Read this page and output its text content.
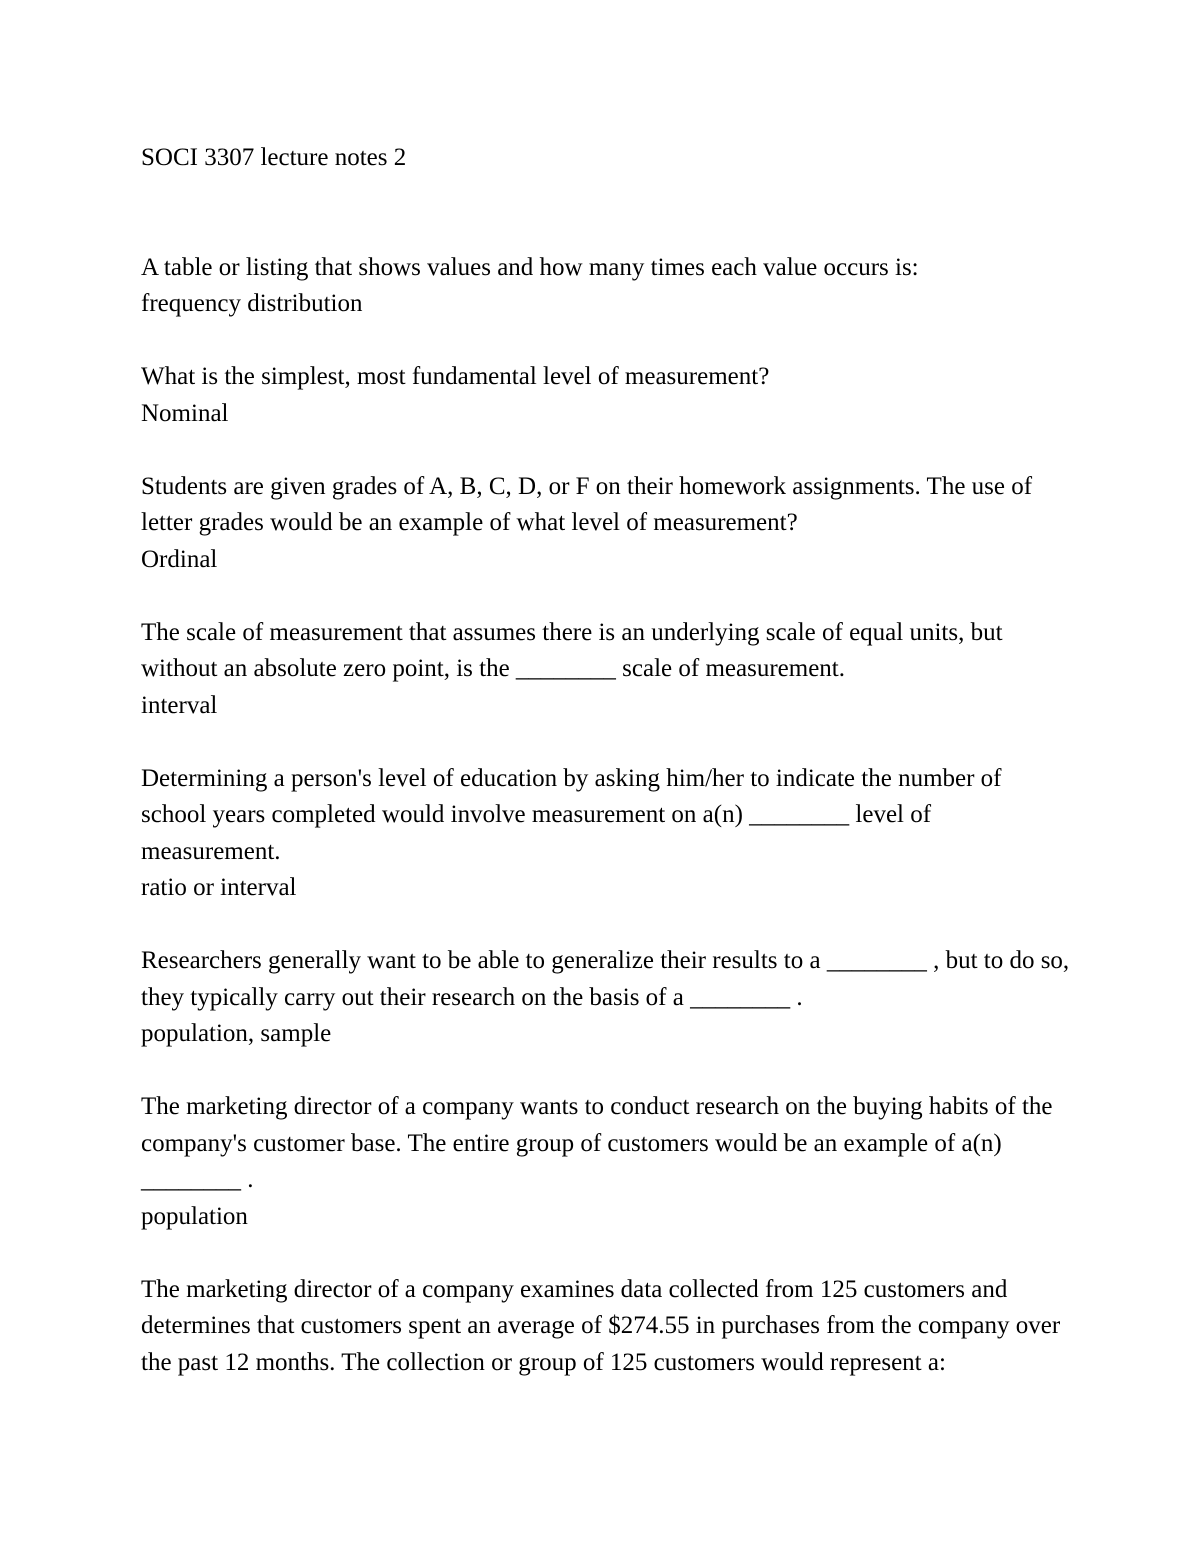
SOCI 3307 lecture notes 2

A table or listing that shows values and how many times each value occurs is:

frequency distribution

What is the simplest, most fundamental level of measurement?

Nominal

Students are given grades of A, B, C, D, or F on their homework assignments. The use of letter grades would be an example of what level of measurement?

Ordinal

The scale of measurement that assumes there is an underlying scale of equal units, but without an absolute zero point, is the ________ scale of measurement.

interval

Determining a person's level of education by asking him/her to indicate the number of school years completed would involve measurement on a(n) ________ level of measurement.

ratio or interval

Researchers generally want to be able to generalize their results to a ________ , but to do so, they typically carry out their research on the basis of a ________ .

population, sample

The marketing director of a company wants to conduct research on the buying habits of the company's customer base. The entire group of customers would be an example of a(n) ________ .

population

The marketing director of a company examines data collected from 125 customers and determines that customers spent an average of $274.55 in purchases from the company over the past 12 months. The collection or group of 125 customers would represent a:
